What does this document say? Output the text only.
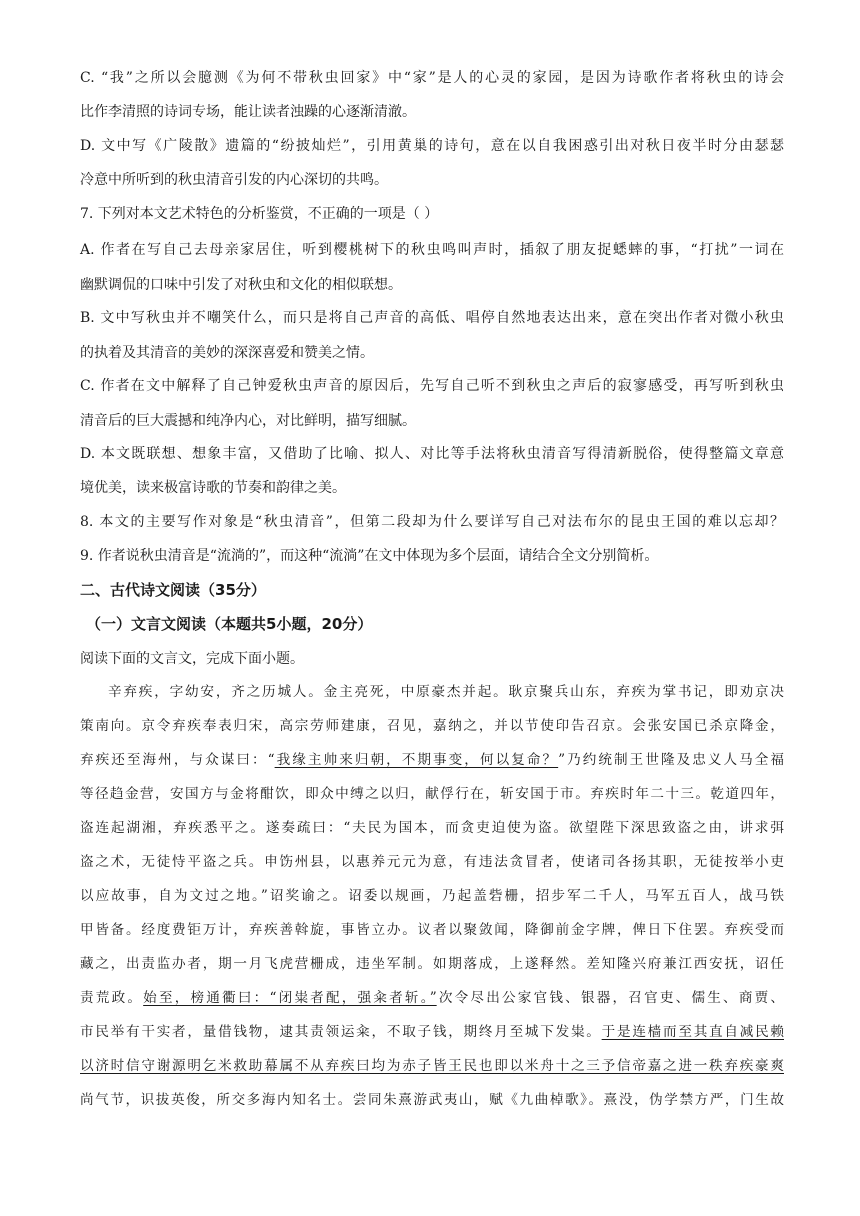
C. “我”之所以会臆测《为何不带秋虫回家》中“家”是人的心灵的家园，是因为诗歌作者将秋虫的诗会
比作李清照的诗词专场，能让读者浊躁的心逐渐清澈。
D. 文中写《广陵散》遗篇的“纷披灿烂”，引用黄巢的诗句，意在以自我困惑引出对秋日夜半时分由瑟瑟
冷意中所听到的秋虫清音引发的内心深切的共鸣。
7. 下列对本文艺术特色的分析鉴赏，不正确的一项是（ ）
A. 作者在写自己去母亲家居住，听到樱桃树下的秋虫鸣叫声时，插叙了朋友捉蟋蟀的事，“打扰”一词在
幽默调侃的口味中引发了对秋虫和文化的相似联想。
B. 文中写秋虫并不嘲笑什么，而只是将自己声音的高低、唱停自然地表达出来，意在突出作者对微小秋虫
的执着及其清音的美妙的深深喜爱和赞美之情。
C. 作者在文中解释了自己钟爱秋虫声音的原因后，先写自己听不到秋虫之声后的寂寥感受，再写听到秋虫
清音后的巨大震撼和纯净内心，对比鲜明，描写细腻。
D. 本文既联想、想象丰富，又借助了比喻、拟人、对比等手法将秋虫清音写得清新脱俗，使得整篇文章意
境优美，读来极富诗歌的节奏和韵律之美。
8. 本文的主要写作对象是“秋虫清音”，但第二段却为什么要详写自己对法布尔的昆虫王国的难以忘却？
9. 作者说秋虫清音是“流淌的”，而这种“流淌”在文中体现为多个层面，请结合全文分别简析。
二、古代诗文阅读（35分）
（一）文言文阅读（本题共5小题，20分）
阅读下面的文言文，完成下面小题。
辛弃疾，字幼安，齐之历城人。金主亮死，中原豪杰并起。耿京聚兵山东，弃疾为掌书记，即劝京决
策南向。京令弃疾奉表归宋，高宗劳师建康，召见，嘉纳之，并以节使印告召京。会张安国已杀京降金，
弃疾还至海州，与众谋曰：“我缘主帅来归朝，不期事变，何以复命？”乃约统制王世隆及忠义人马全福
等径趋金营，安国方与金将酣饮，即众中缚之以归，献俘行在，斩安国于市。弃疾时年二十三。乾道四年，
盗连起湖湘，弃疾悉平之。遂奏疏曰：“夫民为国本，而贪吏迫使为盗。欲望陛下深思致盗之由，讲求弭
盗之术，无徒恃平盗之兵。申饬州县，以惠养元元为意，有违法贪冒者，使诸司各扬其职，无徒按举小吏
以应故事，自为文过之地。”诏奖谕之。诏委以规画，乃起盖砦栅，招步军二千人，马军五百人，战马铁
甲皆备。经度费钜万计，弃疾善斡旋，事皆立办。议者以聚敛闻，降御前金字牌，俾日下住罢。弃疾受而
藏之，出责监办者，期一月飞虎营栅成，违坐军制。如期落成，上遂释然。差知隆兴府兼江西安抚，诏任
责荒政。始至，榜通衢曰：“闭粜者配，强籴者斩。”次令尽出公家官钱、银器，召官吏、儒生、商贾、
市民举有干实者，量借钱物，逮其责领运籴，不取子钱，期终月至城下发粜。于是连樯而至其直自减民赖
以济时信守谢源明乞米救助幕属不从弃疾曰均为赤子皆王民也即以米舟十之三予信帝嘉之进一秩弃疾豪爽
尚气节，识拔英俊，所交多海内知名士。尝同朱熹游武夷山，赋《九曲棹歌》。熹没，伪学禁方严，门生故
